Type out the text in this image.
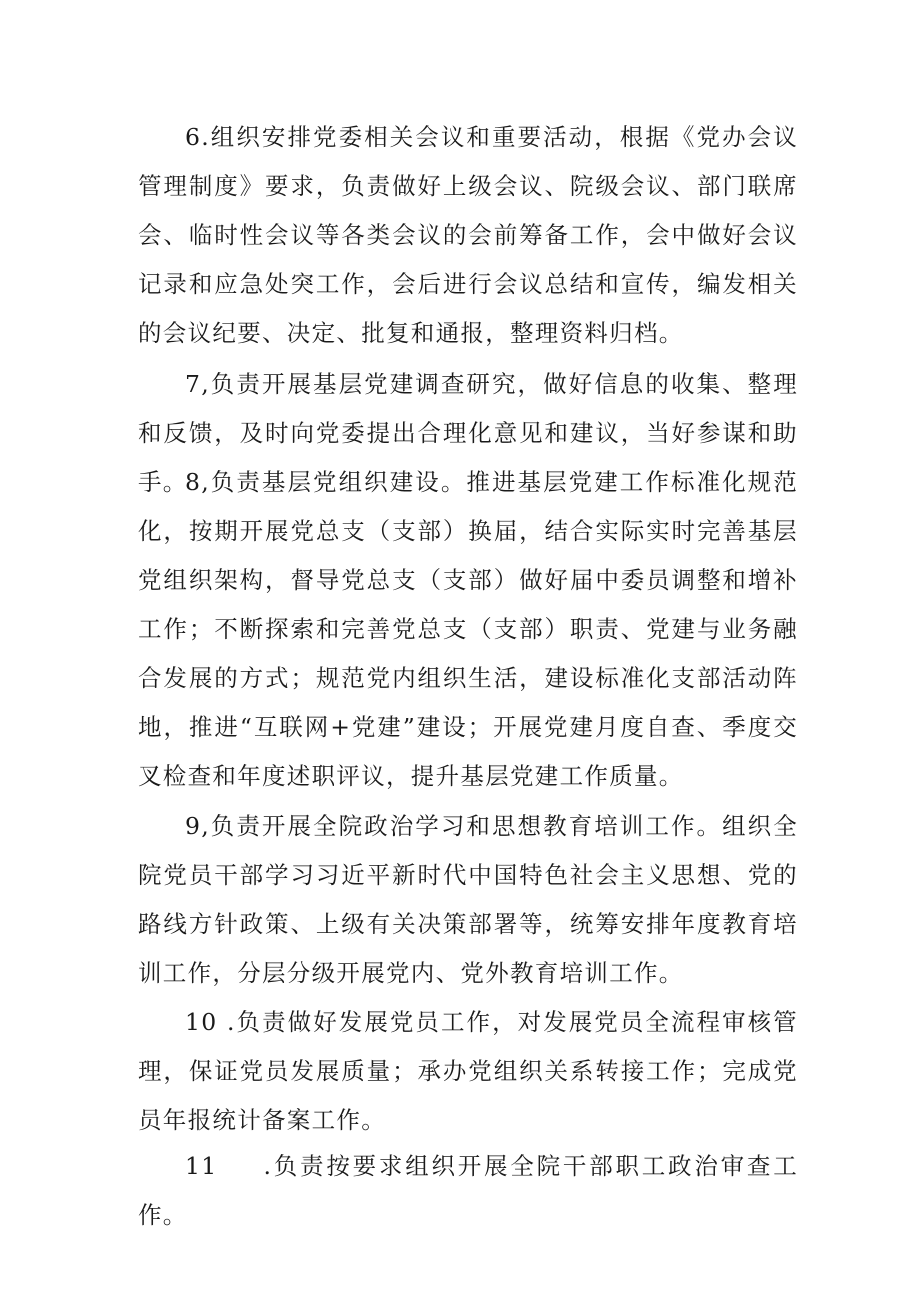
6.组织安排党委相关会议和重要活动，根据《党办会议管理制度》要求，负责做好上级会议、院级会议、部门联席会、临时性会议等各类会议的会前筹备工作，会中做好会议记录和应急处突工作，会后进行会议总结和宣传，编发相关的会议纪要、决定、批复和通报，整理资料归档。

7,负责开展基层党建调查研究，做好信息的收集、整理和反馈，及时向党委提出合理化意见和建议，当好参谋和助手。

8,负责基层党组织建设。推进基层党建工作标准化规范化，按期开展党总支（支部）换届，结合实际实时完善基层党组织架构，督导党总支（支部）做好届中委员调整和增补工作；不断探索和完善党总支（支部）职责、党建与业务融合发展的方式；规范党内组织生活，建设标准化支部活动阵地，推进“互联网+党建”建设；开展党建月度自查、季度交叉检查和年度述职评议，提升基层党建工作质量。

9,负责开展全院政治学习和思想教育培训工作。组织全院党员干部学习习近平新时代中国特色社会主义思想、党的路线方针政策、上级有关决策部署等，统筹安排年度教育培训工作，分层分级开展党内、党外教育培训工作。

10 .负责做好发展党员工作，对发展党员全流程审核管理，保证党员发展质量；承办党组织关系转接工作；完成党员年报统计备案工作。

11 .负责按要求组织开展全院干部职工政治审查工作。
